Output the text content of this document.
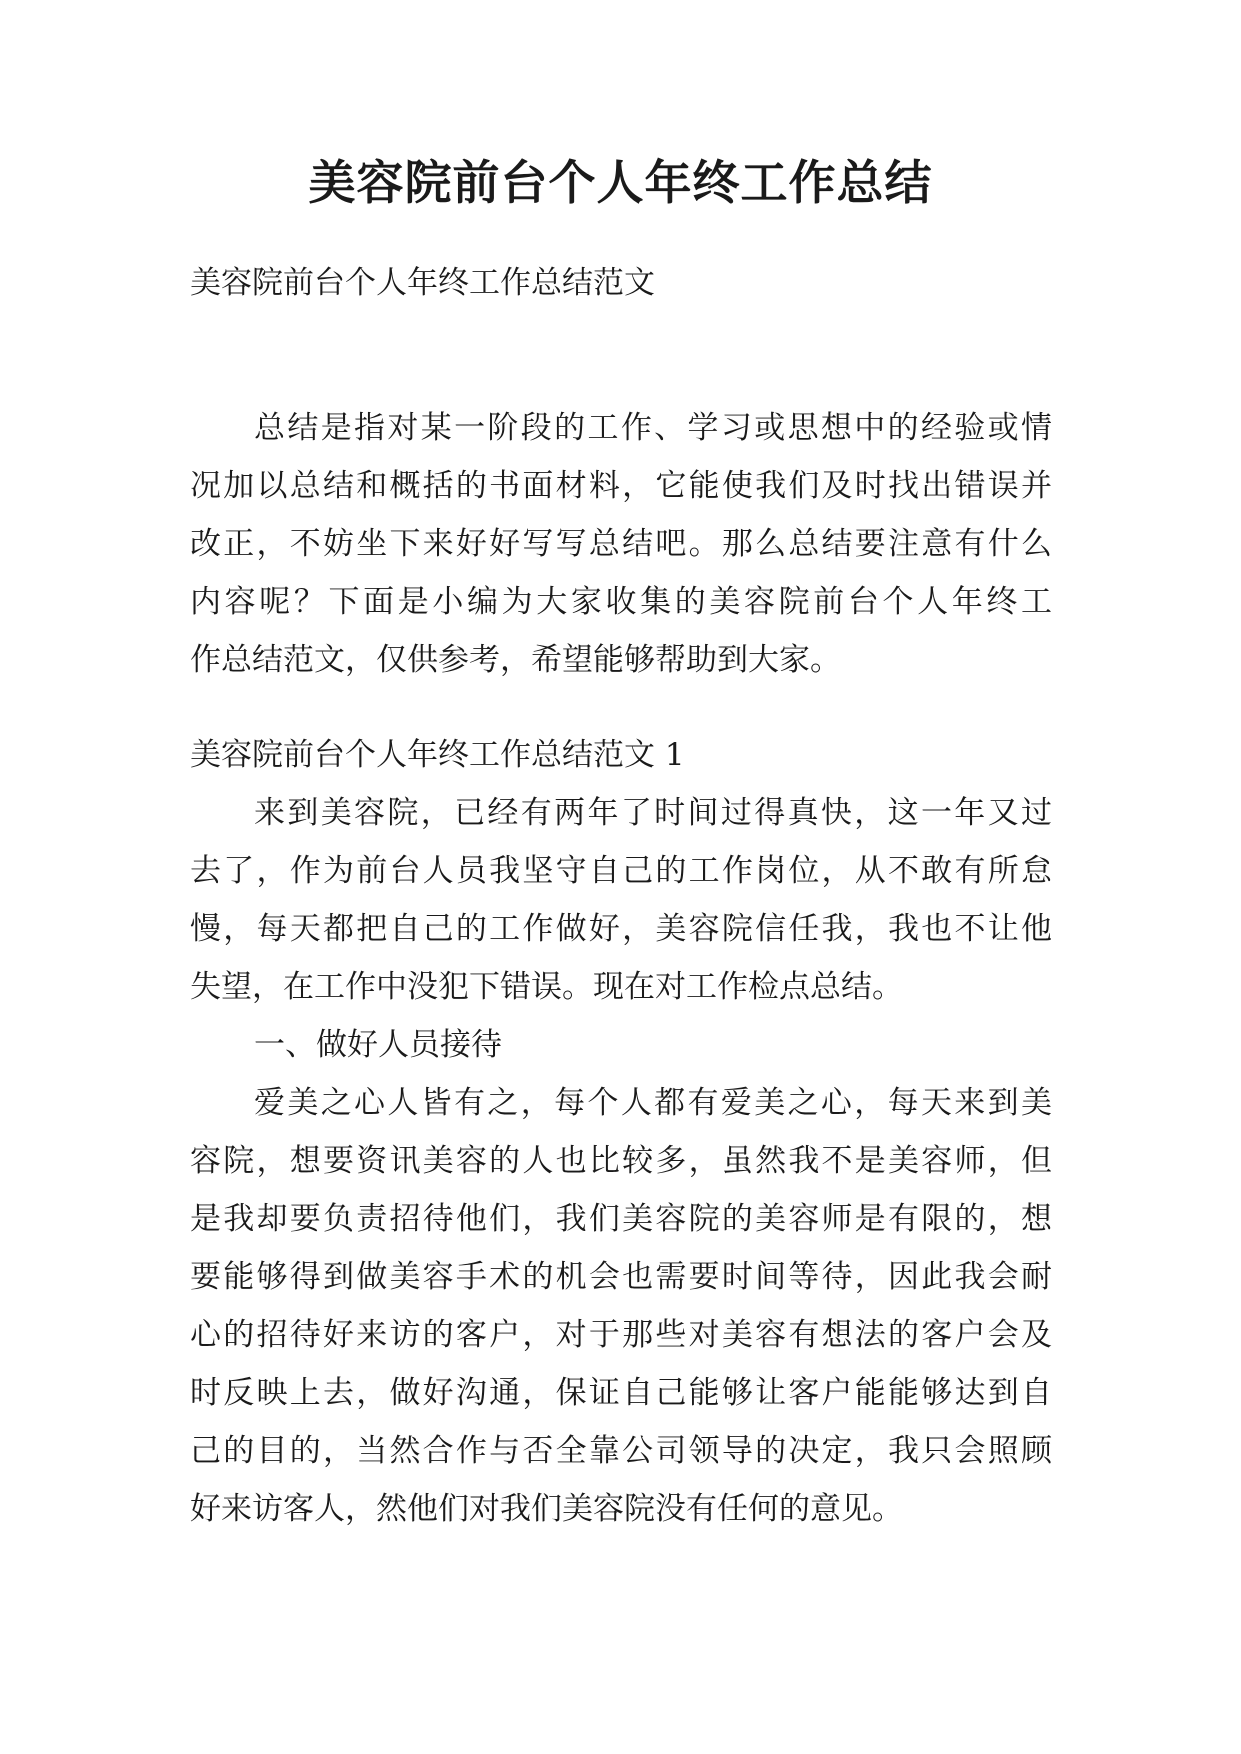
美容院前台个人年终工作总结
美容院前台个人年终工作总结范文
总结是指对某一阶段的工作、学习或思想中的经验或情
况加以总结和概括的书面材料，它能使我们及时找出错误并
改正，不妨坐下来好好写写总结吧。那么总结要注意有什么
内容呢？下面是小编为大家收集的美容院前台个人年终工
作总结范文，仅供参考，希望能够帮助到大家。
美容院前台个人年终工作总结范文 1
来到美容院，已经有两年了时间过得真快，这一年又过
去了，作为前台人员我坚守自己的工作岗位，从不敢有所怠
慢，每天都把自己的工作做好，美容院信任我，我也不让他
失望，在工作中没犯下错误。现在对工作检点总结。
一、做好人员接待
爱美之心人皆有之，每个人都有爱美之心，每天来到美
容院，想要资讯美容的人也比较多，虽然我不是美容师，但
是我却要负责招待他们，我们美容院的美容师是有限的，想
要能够得到做美容手术的机会也需要时间等待，因此我会耐
心的招待好来访的客户，对于那些对美容有想法的客户会及
时反映上去，做好沟通，保证自己能够让客户能能够达到自
己的目的，当然合作与否全靠公司领导的决定，我只会照顾
好来访客人，然他们对我们美容院没有任何的意见。
